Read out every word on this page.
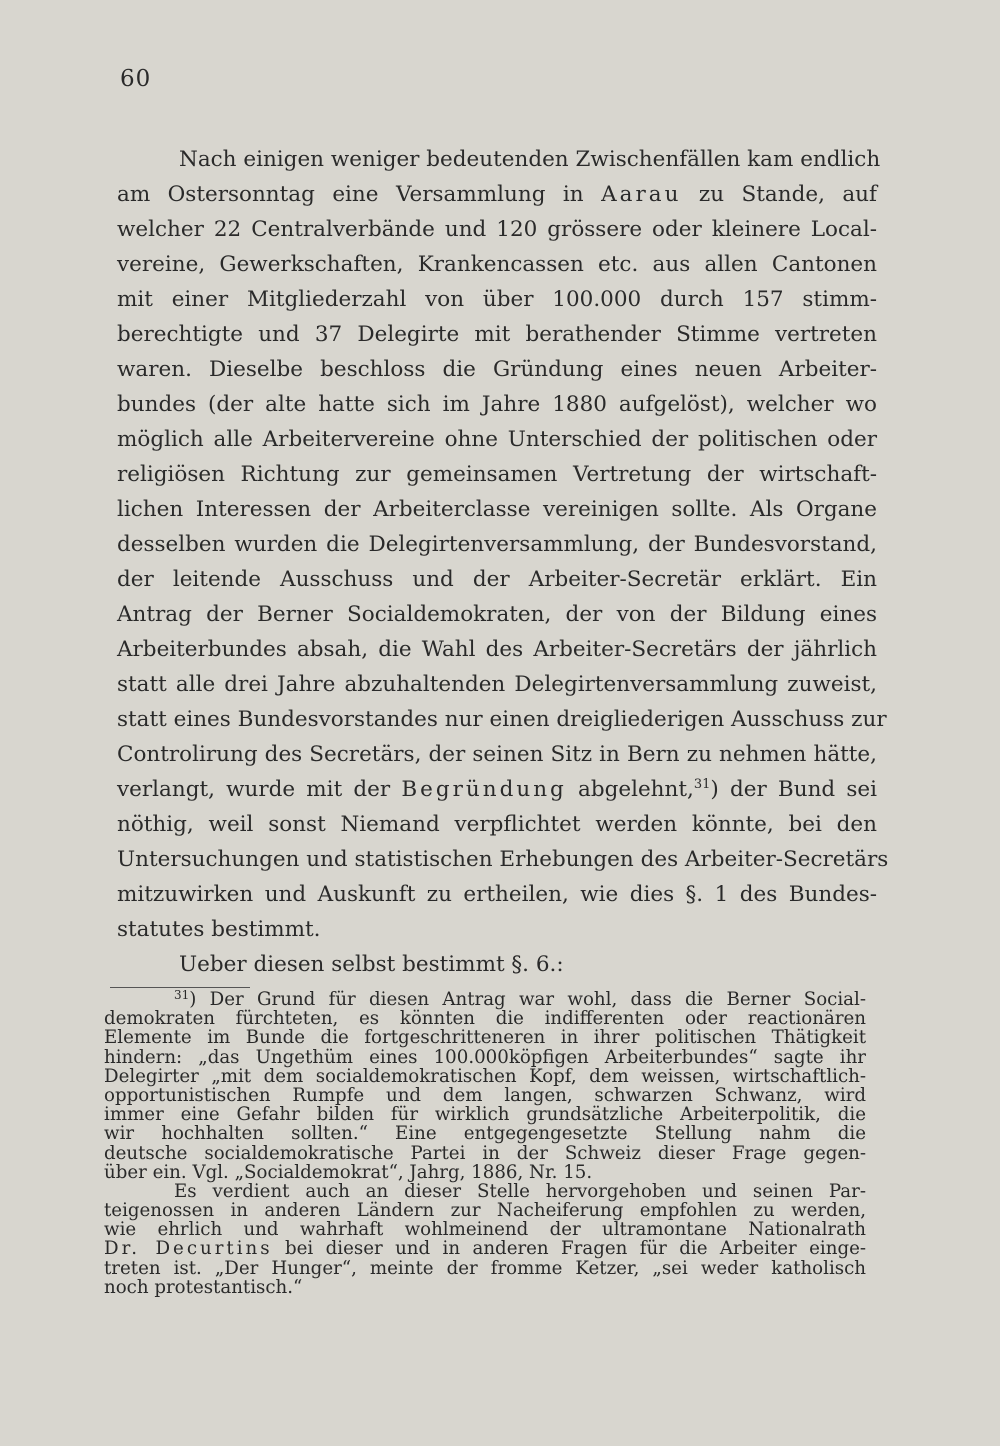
60
Nach einigen weniger bedeutenden Zwischenfällen kam endlich
am Ostersonntag eine Versammlung in Aarau zu Stande, auf
welcher 22 Centralverbände und 120 grössere oder kleinere Local-
vereine, Gewerkschaften, Krankencassen etc. aus allen Cantonen
mit einer Mitgliederzahl von über 100.000 durch 157 stimm-
berechtigte und 37 Delegirte mit berathender Stimme vertreten
waren. Dieselbe beschloss die Gründung eines neuen Arbeiter-
bundes (der alte hatte sich im Jahre 1880 aufgelöst), welcher wo
möglich alle Arbeitervereine ohne Unterschied der politischen oder
religiösen Richtung zur gemeinsamen Vertretung der wirtschaft-
lichen Interessen der Arbeiterclasse vereinigen sollte. Als Organe
desselben wurden die Delegirtenversammlung, der Bundesvorstand,
der leitende Ausschuss und der Arbeiter-Secretär erklärt. Ein
Antrag der Berner Socialdemokraten, der von der Bildung eines
Arbeiterbundes absah, die Wahl des Arbeiter-Secretärs der jährlich
statt alle drei Jahre abzuhaltenden Delegirtenversammlung zuweist,
statt eines Bundesvorstandes nur einen dreigliederigen Ausschuss zur
Controlirung des Secretärs, der seinen Sitz in Bern zu nehmen hätte,
verlangt, wurde mit der Begründung abgelehnt,$^{31}$) der Bund sei
nöthig, weil sonst Niemand verpflichtet werden könnte, bei den
Untersuchungen und statistischen Erhebungen des Arbeiter-Secretärs
mitzuwirken und Auskunft zu ertheilen, wie dies §. 1 des Bundes-
statutes bestimmt.
Ueber diesen selbst bestimmt §. 6.:
$^{31}$) Der Grund für diesen Antrag war wohl, dass die Berner Social-
demokraten fürchteten, es könnten die indifferenten oder reactionären
Elemente im Bunde die fortgeschritteneren in ihrer politischen Thätigkeit
hindern: „das Ungethüm eines 100.000köpfigen Arbeiterbundes“ sagte ihr
Delegirter „mit dem socialdemokratischen Kopf, dem weissen, wirtschaftlich-
opportunistischen Rumpfe und dem langen, schwarzen Schwanz, wird
immer eine Gefahr bilden für wirklich grundsätzliche Arbeiterpolitik, die
wir hochhalten sollten.“ Eine entgegengesetzte Stellung nahm die
deutsche socialdemokratische Partei in der Schweiz dieser Frage gegen-
über ein. Vgl. „Socialdemokrat“, Jahrg, 1886, Nr. 15.
Es verdient auch an dieser Stelle hervorgehoben und seinen Par-
teigenossen in anderen Ländern zur Nacheiferung empfohlen zu werden,
wie ehrlich und wahrhaft wohlmeinend der ultramontane Nationalrath
Dr. Decurtins bei dieser und in anderen Fragen für die Arbeiter einge-
treten ist. „Der Hunger“, meinte der fromme Ketzer, „sei weder katholisch
noch protestantisch.“
